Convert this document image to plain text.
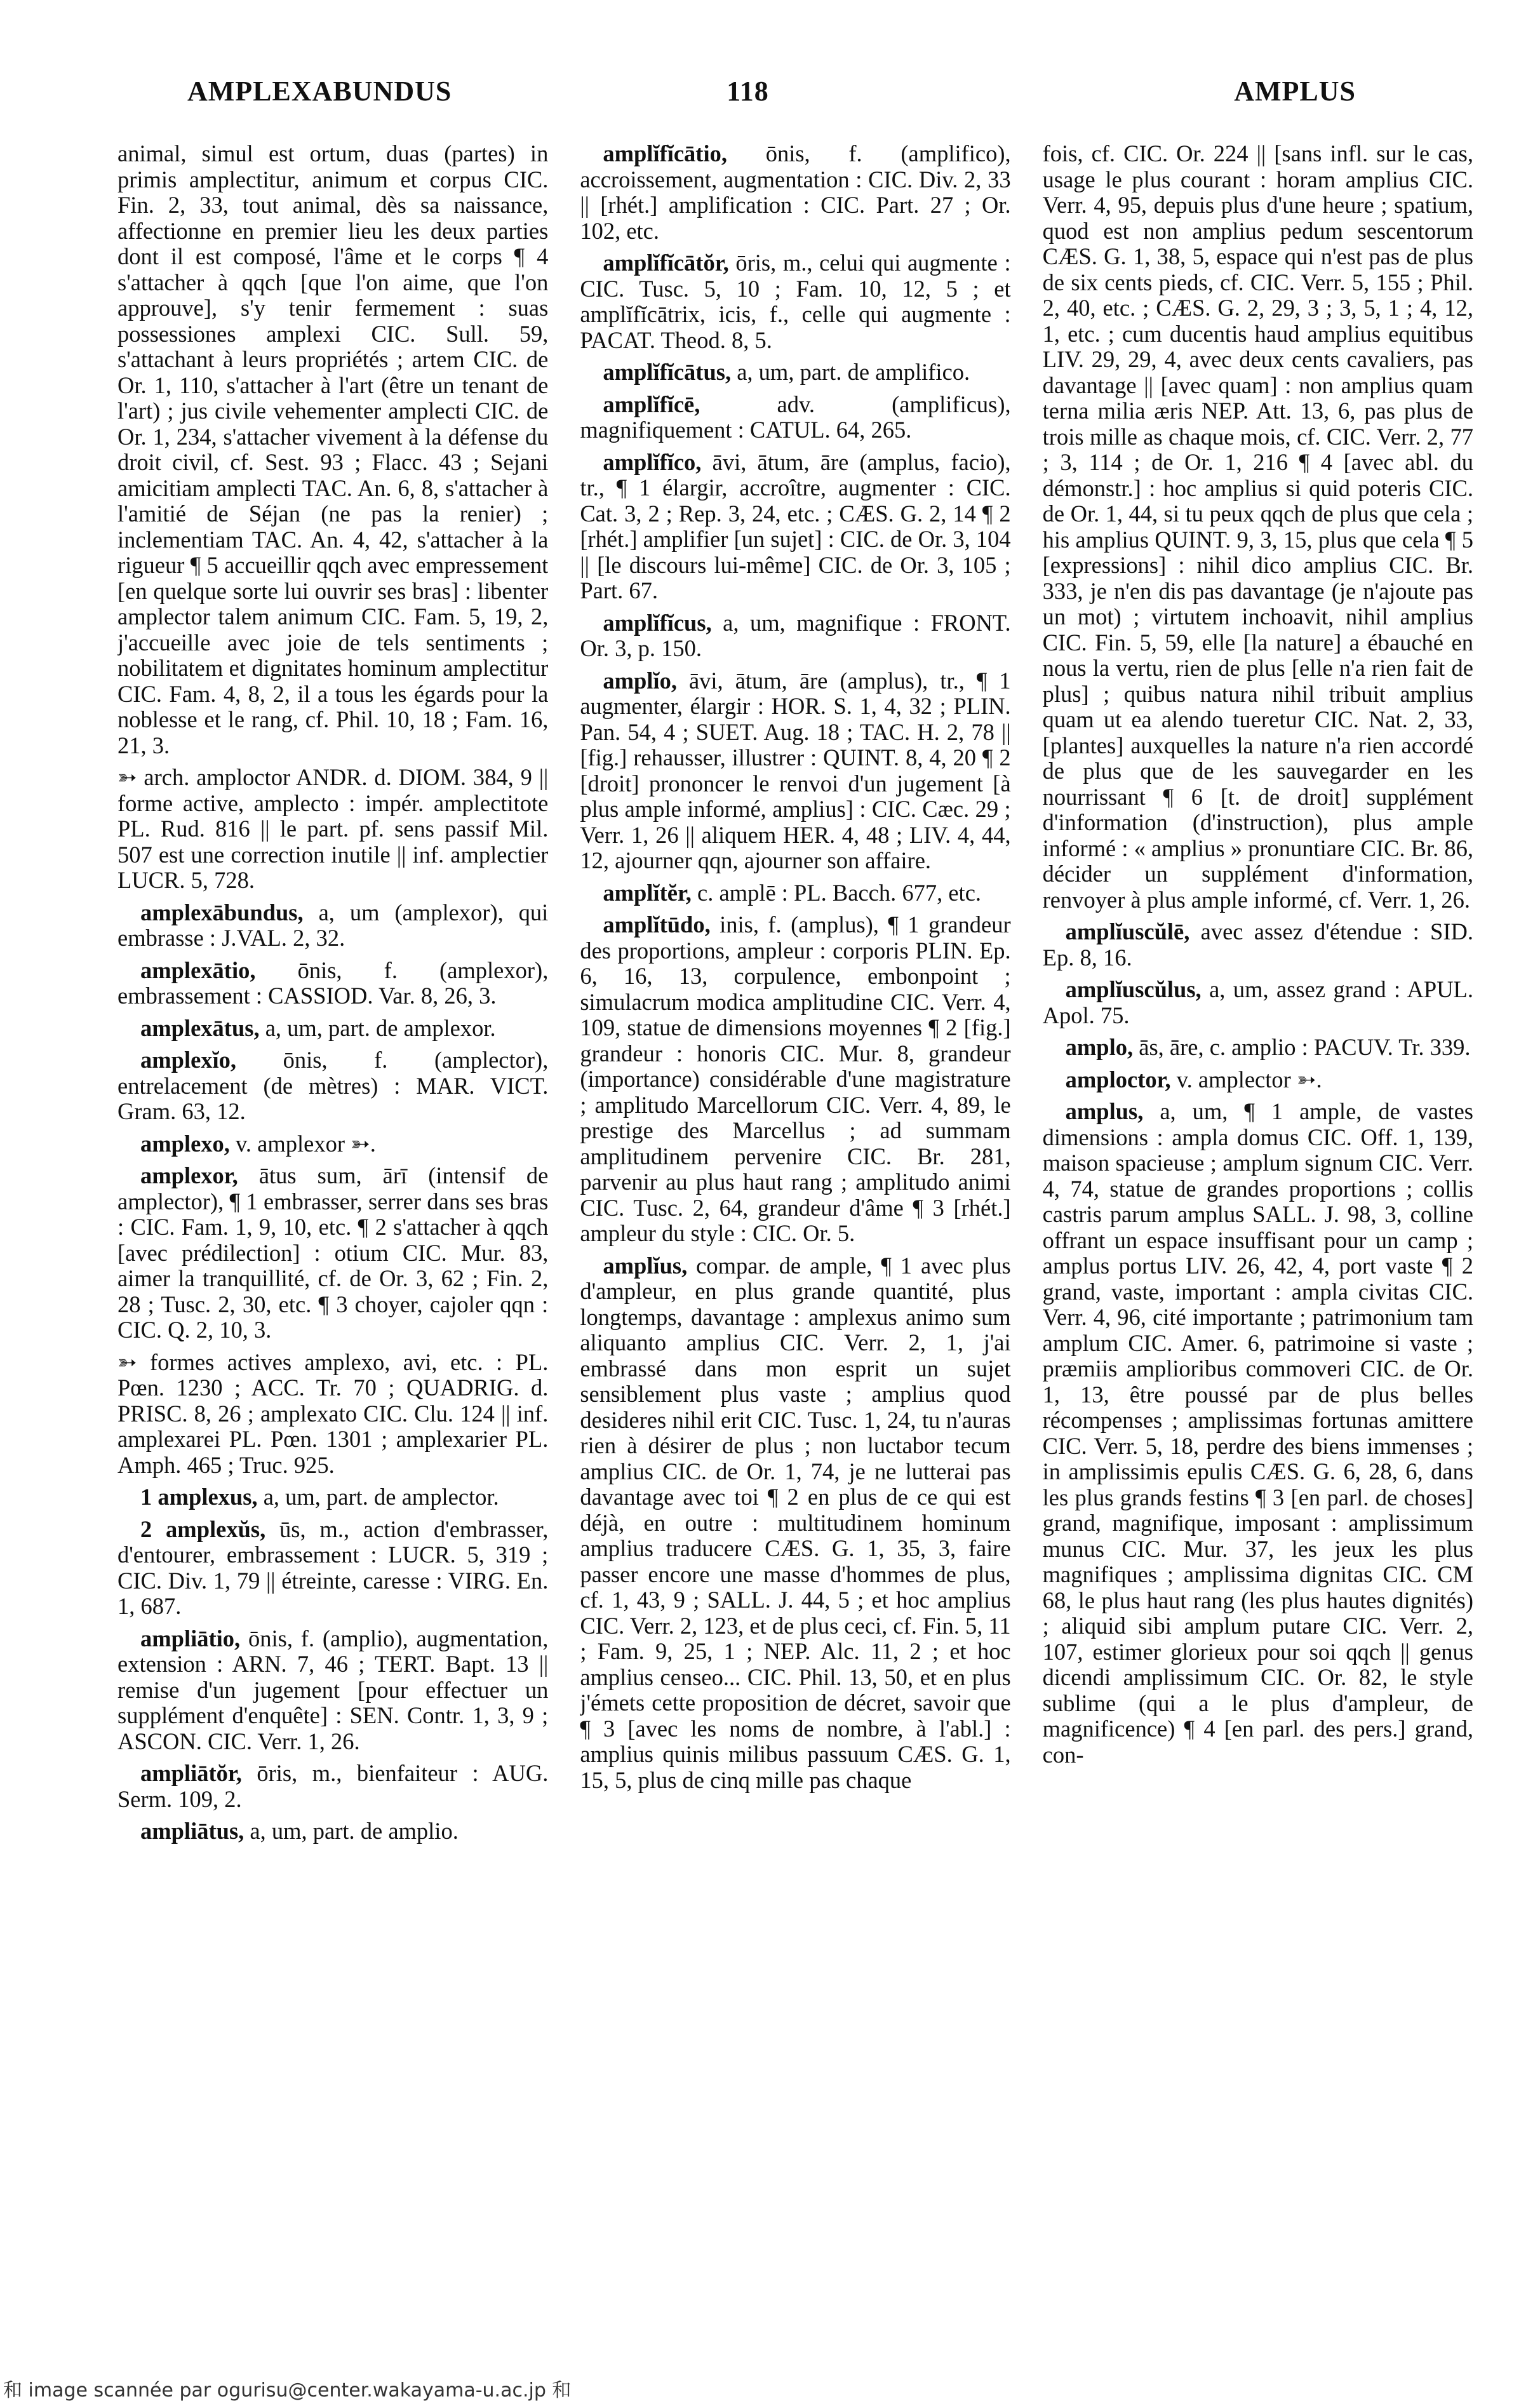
AMPLEXABUNDUS	118	AMPLUS

animal, simul est ortum, duas (partes) in primis amplectitur, animum et corpus CIC. Fin. 2, 33, tout animal, dès sa naissance, affectionne en premier lieu les deux parties dont il est composé, l'âme et le corps ¶ 4 s'attacher à qqch [que l'on aime, que l'on approuve], s'y tenir fermement : suas possessiones amplexi CIC. Sull. 59, s'attachant à leurs propriétés ; artem CIC. de Or. 1, 110, s'attacher à l'art (être un tenant de l'art) ; jus civile vehementer amplecti CIC. de Or. 1, 234, s'attacher vivement à la défense du droit civil, cf. Sest. 93 ; Flacc. 43 ; Sejani amicitiam amplecti TAC. An. 6, 8, s'attacher à l'amitié de Séjan (ne pas la renier) ; inclementiam TAC. An. 4, 42, s'attacher à la rigueur ¶ 5 accueillir qqch avec empressement [en quelque sorte lui ouvrir ses bras] : libenter amplector talem animum CIC. Fam. 5, 19, 2, j'accueille avec joie de tels sentiments ; nobilitatem et dignitates hominum amplectitur CIC. Fam. 4, 8, 2, il a tous les égards pour la noblesse et le rang, cf. Phil. 10, 18 ; Fam. 16, 21, 3.

➳ arch. amploctor ANDR. d. DIOM. 384, 9 || forme active, amplecto : impér. amplectitote PL. Rud. 816 || le part. pf. sens passif Mil. 507 est une correction inutile || inf. amplectier LUCR. 5, 728.

amplexābundus, a, um (amplexor), qui embrasse : J.VAL. 2, 32.

amplexātio, ōnis, f. (amplexor), embrassement : CASSIOD. Var. 8, 26, 3.

amplexātus, a, um, part. de amplexor.

amplexĭo, ōnis, f. (amplector), entrelacement (de mètres) : MAR. VICT. Gram. 63, 12.

amplexo, v. amplexor ➳.

amplexor, ātus sum, ārī (intensif de amplector), ¶ 1 embrasser, serrer dans ses bras : CIC. Fam. 1, 9, 10, etc. ¶ 2 s'attacher à qqch [avec prédilection] : otium CIC. Mur. 83, aimer la tranquillité, cf. de Or. 3, 62 ; Fin. 2, 28 ; Tusc. 2, 30, etc. ¶ 3 choyer, cajoler qqn : CIC. Q. 2, 10, 3.

➳ formes actives amplexo, avi, etc. : PL. Pœn. 1230 ; ACC. Tr. 70 ; QUADRIG. d. PRISC. 8, 26 ; amplexato CIC. Clu. 124 || inf. amplexarei PL. Pœn. 1301 ; amplexarier PL. Amph. 465 ; Truc. 925.

1 amplexus, a, um, part. de amplector.

2 amplexŭs, ūs, m., action d'embrasser, d'entourer, embrassement : LUCR. 5, 319 ; CIC. Div. 1, 79 || étreinte, caresse : VIRG. En. 1, 687.

ampliātio, ōnis, f. (amplio), augmentation, extension : ARN. 7, 46 ; TERT. Bapt. 13 || remise d'un jugement [pour effectuer un supplément d'enquête] : SEN. Contr. 1, 3, 9 ; ASCON. CIC. Verr. 1, 26.

ampliātŏr, ōris, m., bienfaiteur : AUG. Serm. 109, 2.

ampliātus, a, um, part. de amplio.

amplĭfĭcātio, ōnis, f. (amplifico), accroissement, augmentation : CIC. Div. 2, 33 || [rhét.] amplification : CIC. Part. 27 ; Or. 102, etc.

amplĭfĭcātŏr, ōris, m., celui qui augmente : CIC. Tusc. 5, 10 ; Fam. 10, 12, 5 ; et amplĭfĭcātrix, icis, f., celle qui augmente : PACAT. Theod. 8, 5.

amplĭfĭcātus, a, um, part. de amplifico.

amplĭfĭcē, adv. (amplificus), magnifiquement : CATUL. 64, 265.

amplĭfĭco, āvi, ātum, āre (amplus, facio), tr., ¶ 1 élargir, accroître, augmenter : CIC. Cat. 3, 2 ; Rep. 3, 24, etc. ; CÆS. G. 2, 14 ¶ 2 [rhét.] amplifier [un sujet] : CIC. de Or. 3, 104 || [le discours lui-même] CIC. de Or. 3, 105 ; Part. 67.

amplĭfĭcus, a, um, magnifique : FRONT. Or. 3, p. 150.

amplĭo, āvi, ātum, āre (amplus), tr., ¶ 1 augmenter, élargir : HOR. S. 1, 4, 32 ; PLIN. Pan. 54, 4 ; SUET. Aug. 18 ; TAC. H. 2, 78 || [fig.] rehausser, illustrer : QUINT. 8, 4, 20 ¶ 2 [droit] prononcer le renvoi d'un jugement [à plus ample informé, amplius] : CIC. Cæc. 29 ; Verr. 1, 26 || aliquem HER. 4, 48 ; LIV. 4, 44, 12, ajourner qqn, ajourner son affaire.

amplĭtĕr, c. amplē : PL. Bacch. 677, etc.

amplĭtūdo, inis, f. (amplus), ¶ 1 grandeur des proportions, ampleur : corporis PLIN. Ep. 6, 16, 13, corpulence, embonpoint ; simulacrum modica amplitudine CIC. Verr. 4, 109, statue de dimensions moyennes ¶ 2 [fig.] grandeur : honoris CIC. Mur. 8, grandeur (importance) considérable d'une magistrature ; amplitudo Marcellorum CIC. Verr. 4, 89, le prestige des Marcellus ; ad summam amplitudinem pervenire CIC. Br. 281, parvenir au plus haut rang ; amplitudo animi CIC. Tusc. 2, 64, grandeur d'âme ¶ 3 [rhét.] ampleur du style : CIC. Or. 5.

amplĭus, compar. de ample, ¶ 1 avec plus d'ampleur, en plus grande quantité, plus longtemps, davantage : amplexus animo sum aliquanto amplius CIC. Verr. 2, 1, j'ai embrassé dans mon esprit un sujet sensiblement plus vaste ; amplius quod desideres nihil erit CIC. Tusc. 1, 24, tu n'auras rien à désirer de plus ; non luctabor tecum amplius CIC. de Or. 1, 74, je ne lutterai pas davantage avec toi ¶ 2 en plus de ce qui est déjà, en outre : multitudinem hominum amplius traducere CÆS. G. 1, 35, 3, faire passer encore une masse d'hommes de plus, cf. 1, 43, 9 ; SALL. J. 44, 5 ; et hoc amplius CIC. Verr. 2, 123, et de plus ceci, cf. Fin. 5, 11 ; Fam. 9, 25, 1 ; NEP. Alc. 11, 2 ; et hoc amplius censeo... CIC. Phil. 13, 50, et en plus j'émets cette proposition de décret, savoir que ¶ 3 [avec les noms de nombre, à l'abl.] : amplius quinis milibus passuum CÆS. G. 1, 15, 5, plus de cinq mille pas chaque

fois, cf. CIC. Or. 224 || [sans infl. sur le cas, usage le plus courant : horam amplius CIC. Verr. 4, 95, depuis plus d'une heure ; spatium, quod est non amplius pedum sescentorum CÆS. G. 1, 38, 5, espace qui n'est pas de plus de six cents pieds, cf. CIC. Verr. 5, 155 ; Phil. 2, 40, etc. ; CÆS. G. 2, 29, 3 ; 3, 5, 1 ; 4, 12, 1, etc. ; cum ducentis haud amplius equitibus LIV. 29, 29, 4, avec deux cents cavaliers, pas davantage || [avec quam] : non amplius quam terna milia æris NEP. Att. 13, 6, pas plus de trois mille as chaque mois, cf. CIC. Verr. 2, 77 ; 3, 114 ; de Or. 1, 216 ¶ 4 [avec abl. du démonstr.] : hoc amplius si quid poteris CIC. de Or. 1, 44, si tu peux qqch de plus que cela ; his amplius QUINT. 9, 3, 15, plus que cela ¶ 5 [expressions] : nihil dico amplius CIC. Br. 333, je n'en dis pas davantage (je n'ajoute pas un mot) ; virtutem inchoavit, nihil amplius CIC. Fin. 5, 59, elle [la nature] a ébauché en nous la vertu, rien de plus [elle n'a rien fait de plus] ; quibus natura nihil tribuit amplius quam ut ea alendo tueretur CIC. Nat. 2, 33, [plantes] auxquelles la nature n'a rien accordé de plus que de les sauvegarder en les nourrissant ¶ 6 [t. de droit] supplément d'information (d'instruction), plus ample informé : « amplius » pronuntiare CIC. Br. 86, décider un supplément d'information, renvoyer à plus ample informé, cf. Verr. 1, 26.

amplĭuscŭlē, avec assez d'étendue : SID. Ep. 8, 16.

amplĭuscŭlus, a, um, assez grand : APUL. Apol. 75.

amplo, ās, āre, c. amplio : PACUV. Tr. 339.

amploctor, v. amplector ➳.

amplus, a, um, ¶ 1 ample, de vastes dimensions : ampla domus CIC. Off. 1, 139, maison spacieuse ; amplum signum CIC. Verr. 4, 74, statue de grandes proportions ; collis castris parum amplus SALL. J. 98, 3, colline offrant un espace insuffisant pour un camp ; amplus portus LIV. 26, 42, 4, port vaste ¶ 2 grand, vaste, important : ampla civitas CIC. Verr. 4, 96, cité importante ; patrimonium tam amplum CIC. Amer. 6, patrimoine si vaste ; præmiis amplioribus commoveri CIC. de Or. 1, 13, être poussé par de plus belles récompenses ; amplissimas fortunas amittere CIC. Verr. 5, 18, perdre des biens immenses ; in amplissimis epulis CÆS. G. 6, 28, 6, dans les plus grands festins ¶ 3 [en parl. de choses] grand, magnifique, imposant : amplissimum munus CIC. Mur. 37, les jeux les plus magnifiques ; amplissima dignitas CIC. CM 68, le plus haut rang (les plus hautes dignités) ; aliquid sibi amplum putare CIC. Verr. 2, 107, estimer glorieux pour soi qqch || genus dicendi amplissimum CIC. Or. 82, le style sublime (qui a le plus d'ampleur, de magnificence) ¶ 4 [en parl. des pers.] grand, con-

和 image scannée par ogurisu@center.wakayama-u.ac.jp 和
